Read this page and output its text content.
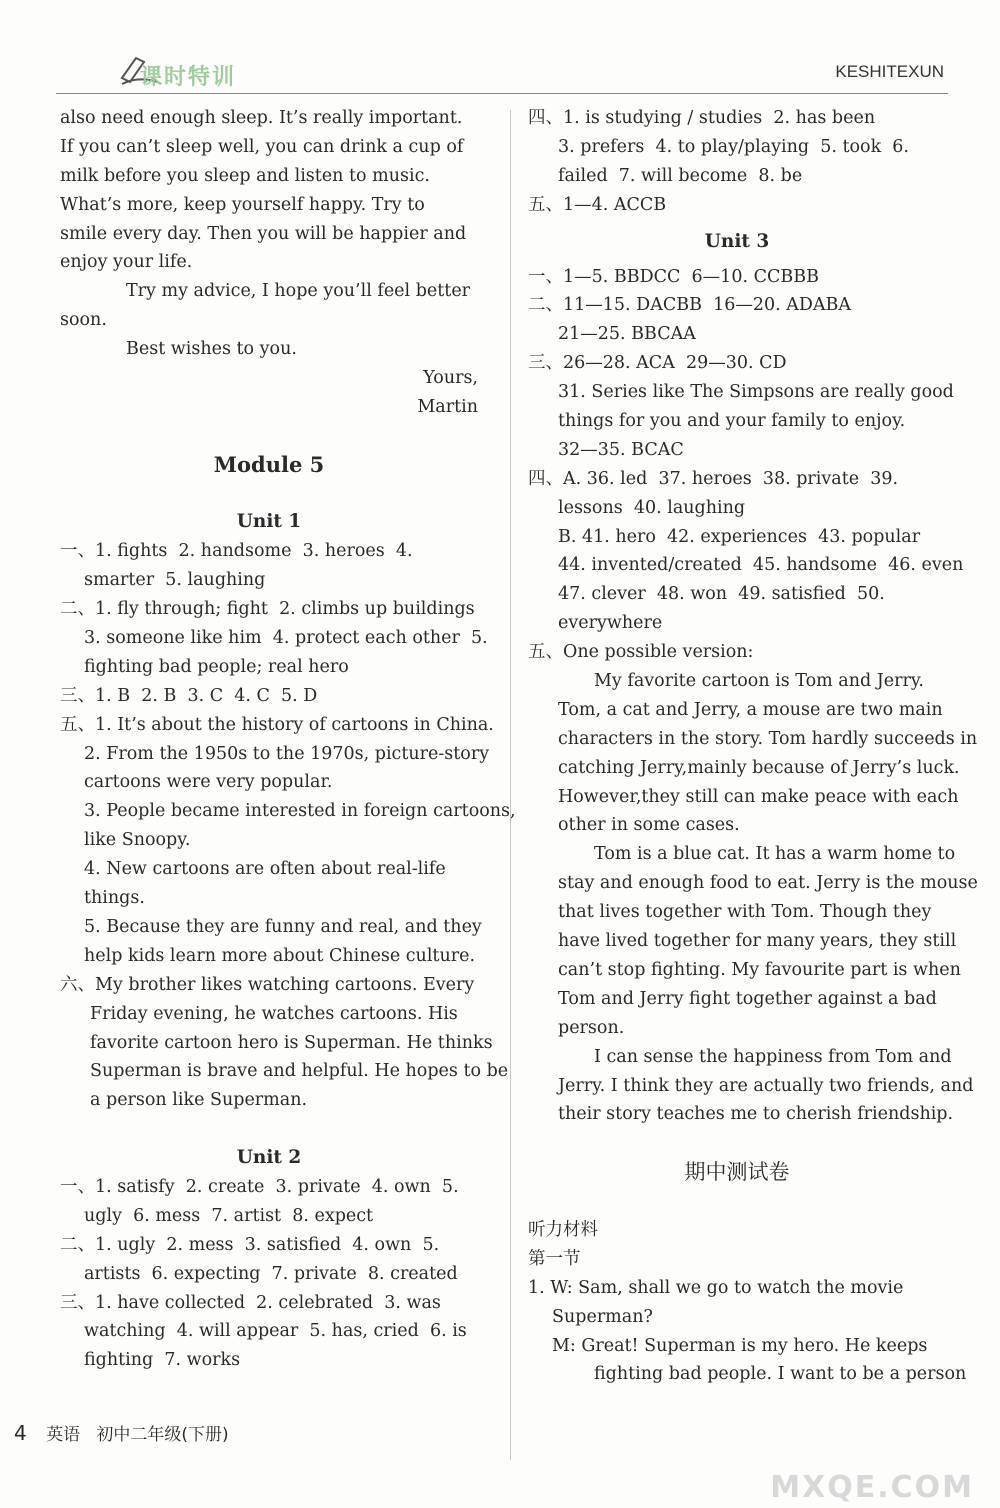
课时特训	KESHITEXUN
also need enough sleep. It’s really important.
If you can’t sleep well, you can drink a cup of
milk before you sleep and listen to music.
What’s more, keep yourself happy. Try to
smile every day. Then you will be happier and
enjoy your life.
Try my advice, I hope you’ll feel better
soon.
Best wishes to you.
Yours,
Martin
Module 5
Unit 1
一、1. fights  2. handsome  3. heroes  4.
smarter  5. laughing
二、1. fly through; fight  2. climbs up buildings
3. someone like him  4. protect each other  5.
fighting bad people; real hero
三、1. B  2. B  3. C  4. C  5. D
五、1. It’s about the history of cartoons in China.
2. From the 1950s to the 1970s, picture-story
cartoons were very popular.
3. People became interested in foreign cartoons,
like Snoopy.
4. New cartoons are often about real-life
things.
5. Because they are funny and real, and they
help kids learn more about Chinese culture.
六、My brother likes watching cartoons. Every
Friday evening, he watches cartoons. His
favorite cartoon hero is Superman. He thinks
Superman is brave and helpful. He hopes to be
a person like Superman.
Unit 2
一、1. satisfy  2. create  3. private  4. own  5.
ugly  6. mess  7. artist  8. expect
二、1. ugly  2. mess  3. satisfied  4. own  5.
artists  6. expecting  7. private  8. created
三、1. have collected  2. celebrated  3. was
watching  4. will appear  5. has, cried  6. is
fighting  7. works
四、1. is studying / studies  2. has been
3. prefers  4. to play/playing  5. took  6.
failed  7. will become  8. be
五、1—4. ACCB
Unit 3
一、1—5. BBDCC  6—10. CCBBB
二、11—15. DACBB  16—20. ADABA
21—25. BBCAA
三、26—28. ACA  29—30. CD
31. Series like The Simpsons are really good
things for you and your family to enjoy.
32—35. BCAC
四、A. 36. led  37. heroes  38. private  39.
lessons  40. laughing
B. 41. hero  42. experiences  43. popular
44. invented/created  45. handsome  46. even
47. clever  48. won  49. satisfied  50.
everywhere
五、One possible version:
My favorite cartoon is Tom and Jerry.
Tom, a cat and Jerry, a mouse are two main
characters in the story. Tom hardly succeeds in
catching Jerry,mainly because of Jerry’s luck.
However,they still can make peace with each
other in some cases.
Tom is a blue cat. It has a warm home to
stay and enough food to eat. Jerry is the mouse
that lives together with Tom. Though they
have lived together for many years, they still
can’t stop fighting. My favourite part is when
Tom and Jerry fight together against a bad
person.
I can sense the happiness from Tom and
Jerry. I think they are actually two friends, and
their story teaches me to cherish friendship.
期中测试卷
听力材料
第一节
1. W: Sam, shall we go to watch the movie
Superman?
M: Great! Superman is my hero. He keeps
fighting bad people. I want to be a person
4 英语 初中二年级(下册)
MXQE.COM
